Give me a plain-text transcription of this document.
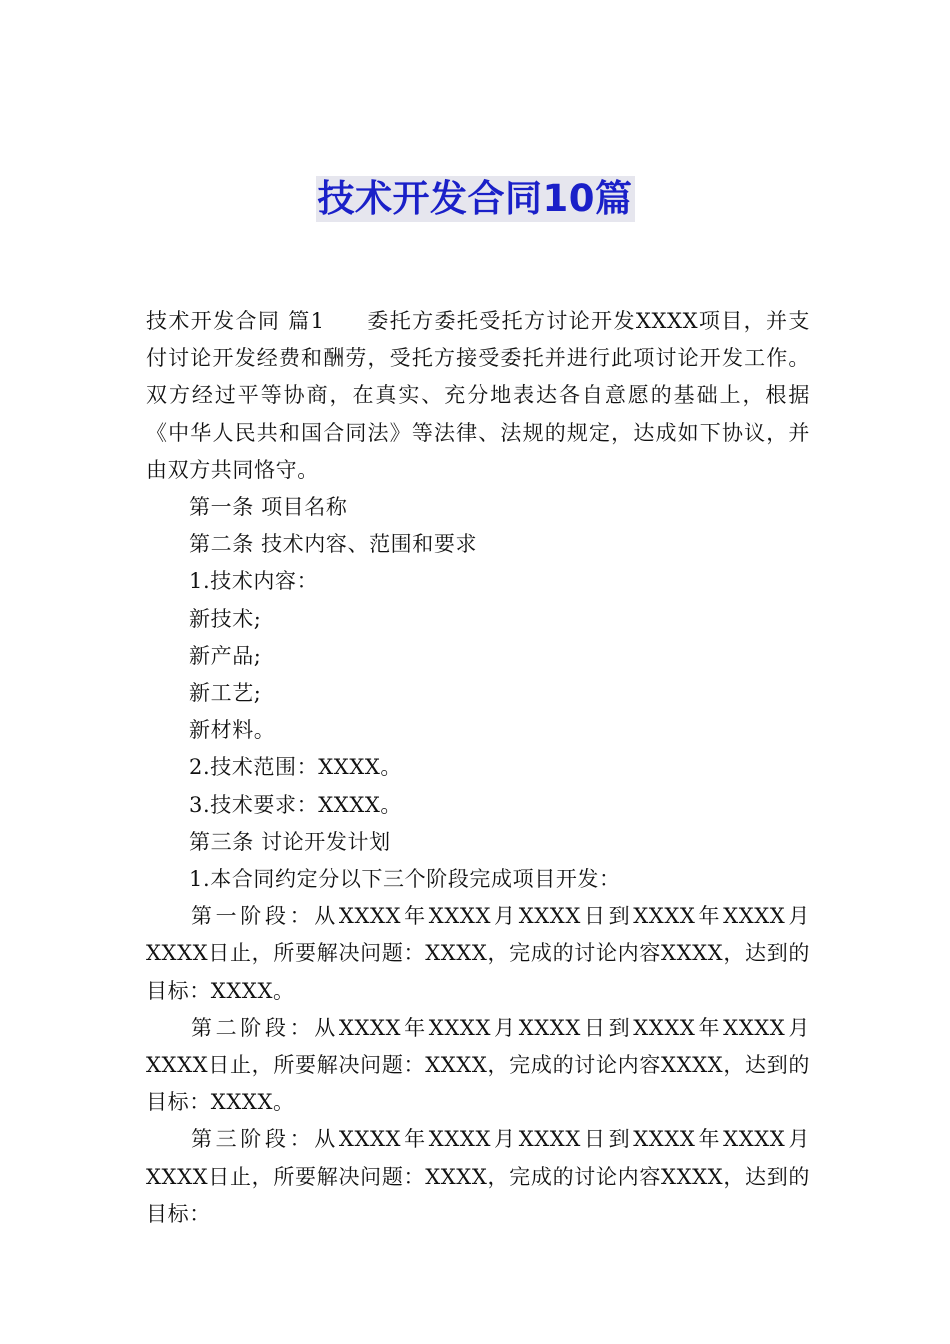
技术开发合同10篇

技术开发合同 篇1 委托方委托受托方讨论开发XXXX项目，并支付讨论开发经费和酬劳，受托方接受委托并进行此项讨论开发工作。双方经过平等协商，在真实、充分地表达各自意愿的基础上，根据《中华人民共和国合同法》等法律、法规的规定，达成如下协议，并由双方共同恪守。

第一条 项目名称

第二条 技术内容、范围和要求

1.技术内容：

新技术;

新产品;

新工艺;

新材料。

2.技术范围：XXXX。

3.技术要求：XXXX。

第三条 讨论开发计划

1.本合同约定分以下三个阶段完成项目开发：

第一阶段：从XXXX年XXXX月XXXX日到XXXX年XXXX月XXXX日止，所要解决问题：XXXX，完成的讨论内容XXXX，达到的目标：XXXX。

第二阶段：从XXXX年XXXX月XXXX日到XXXX年XXXX月XXXX日止，所要解决问题：XXXX，完成的讨论内容XXXX，达到的目标：XXXX。

第三阶段：从XXXX年XXXX月XXXX日到XXXX年XXXX月XXXX日止，所要解决问题：XXXX，完成的讨论内容XXXX，达到的目标：
